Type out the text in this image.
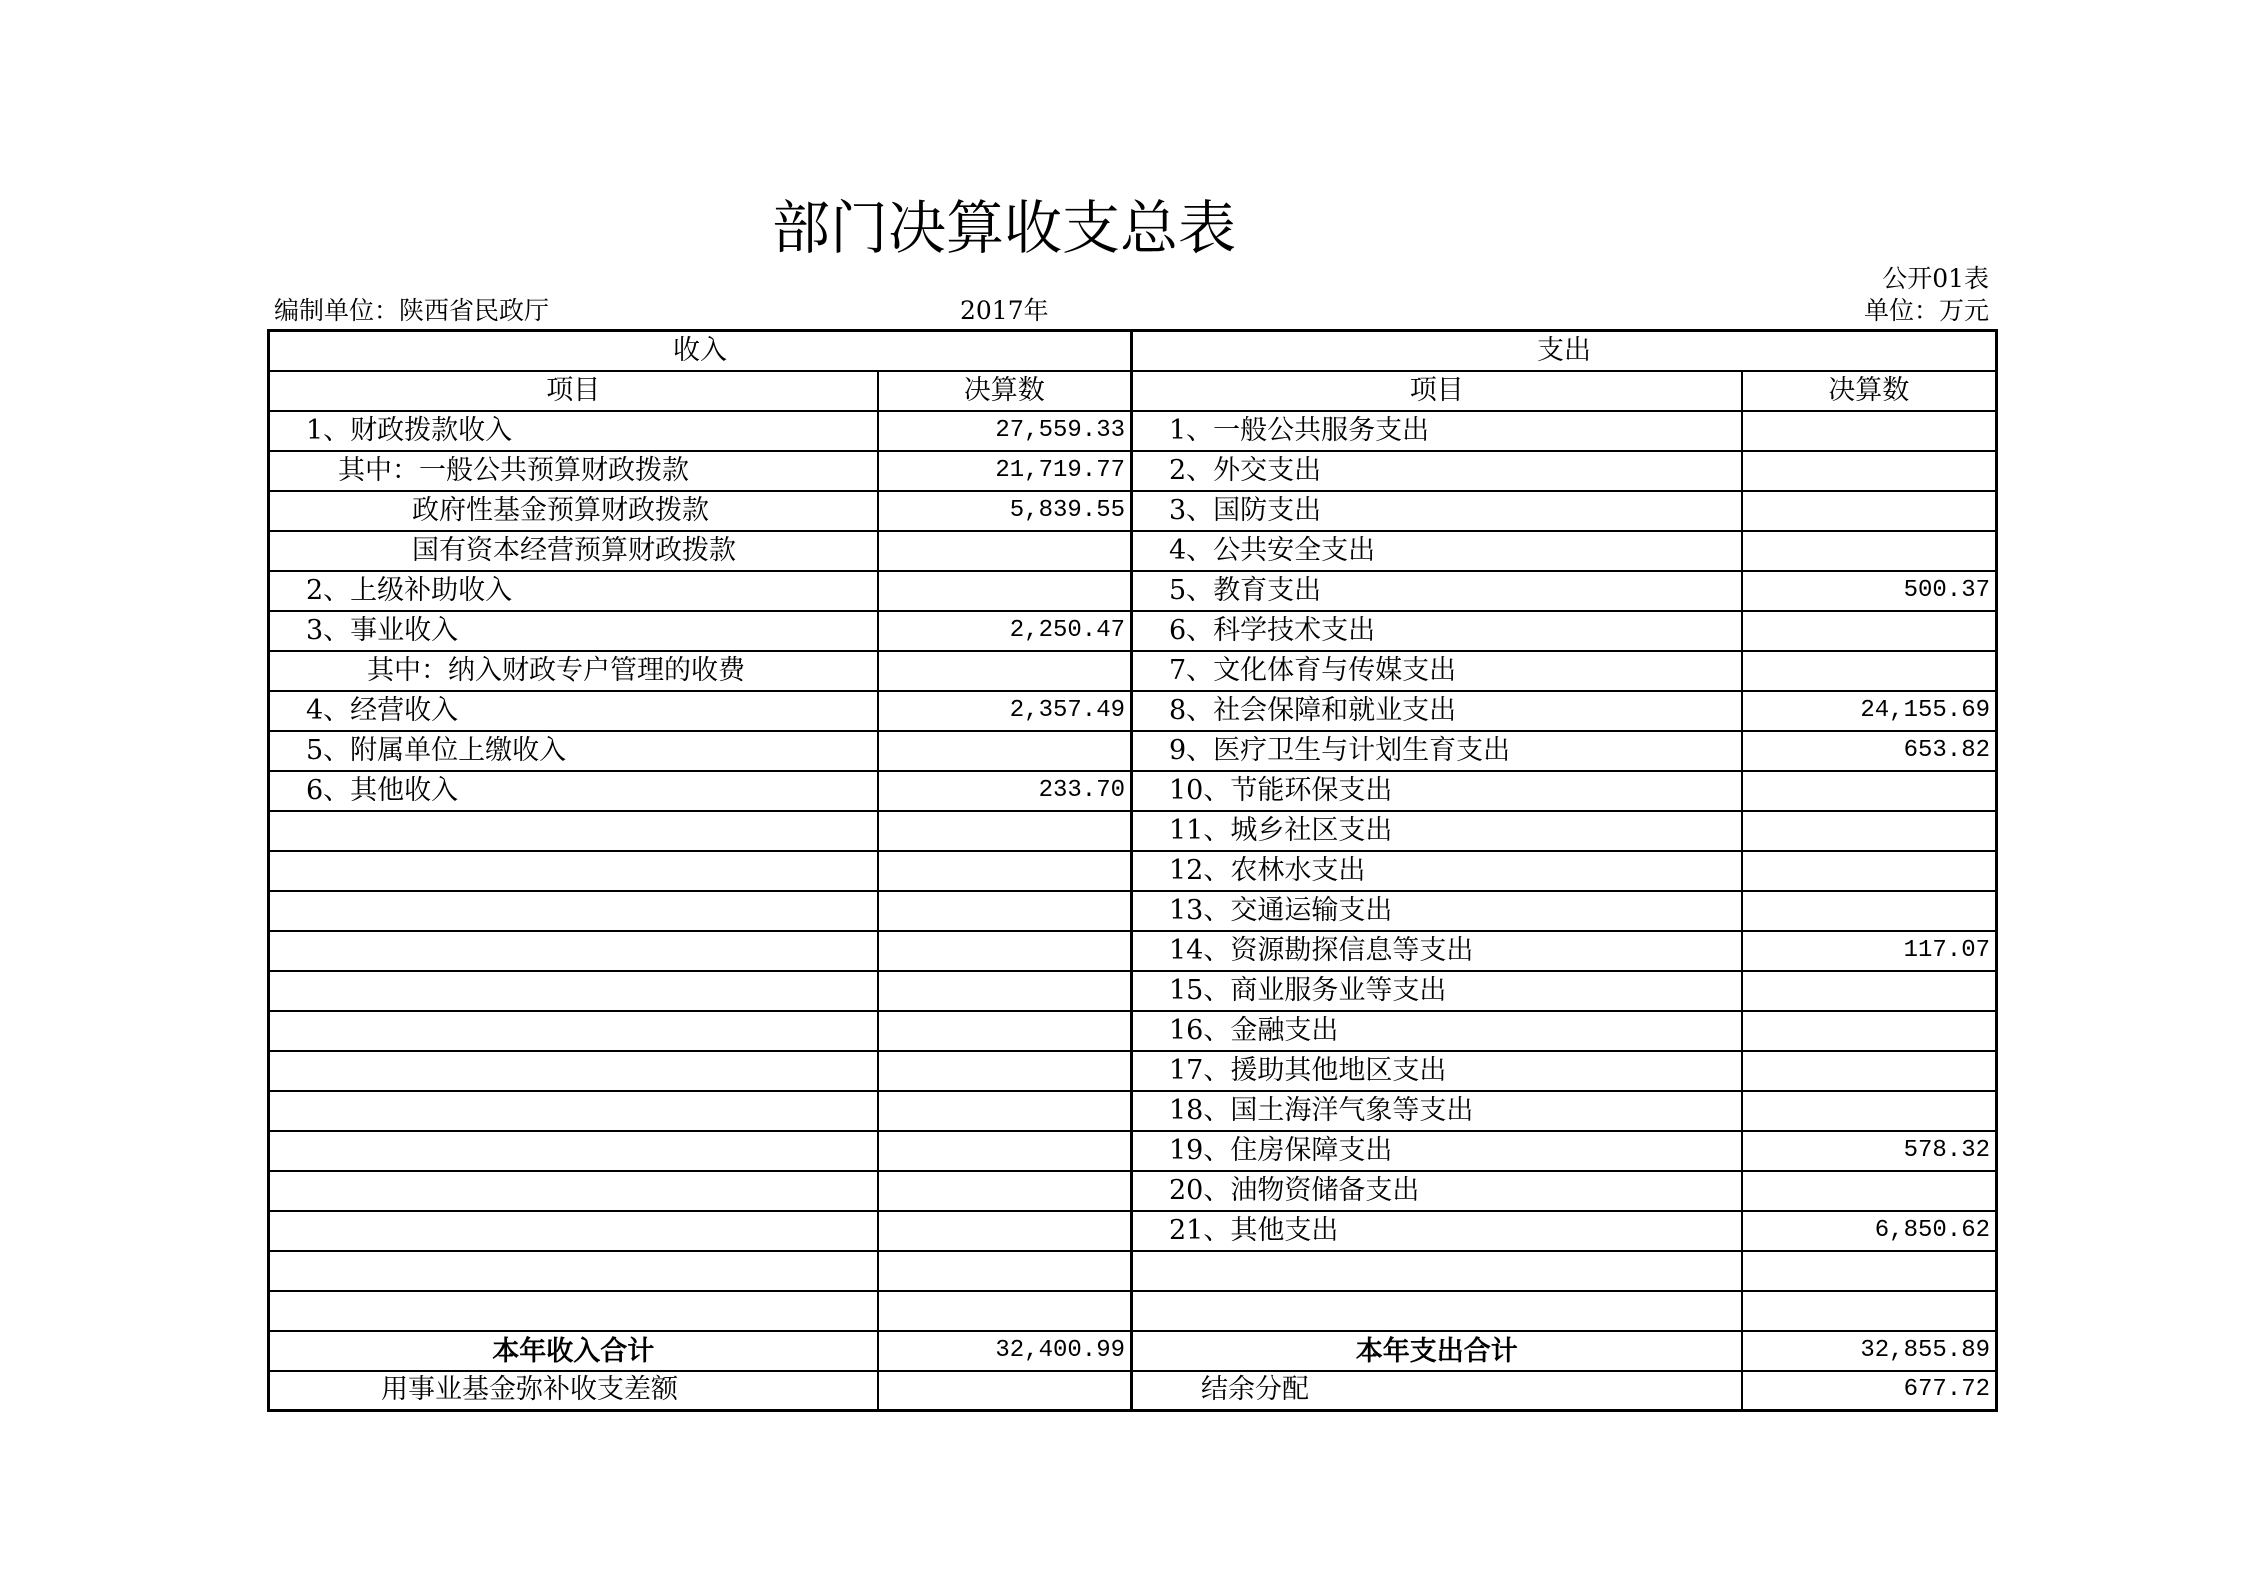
部门决算收支总表
公开01表
编制单位：陕西省民政厅	2017年	单位：万元
收入		支出	
项目	决算数	项目	决算数
1、财政拨款收入	27,559.33	1、一般公共服务支出	
其中：一般公共预算财政拨款	21,719.77	2、外交支出	
政府性基金预算财政拨款	5,839.55	3、国防支出	
国有资本经营预算财政拨款		4、公共安全支出	
2、上级补助收入		5、教育支出	500.37
3、事业收入	2,250.47	6、科学技术支出	
其中：纳入财政专户管理的收费		7、文化体育与传媒支出	
4、经营收入	2,357.49	8、社会保障和就业支出	24,155.69
5、附属单位上缴收入		9、医疗卫生与计划生育支出	653.82
6、其他收入	233.70	10、节能环保支出	
		11、城乡社区支出	
		12、农林水支出	
		13、交通运输支出	
		14、资源勘探信息等支出	117.07
		15、商业服务业等支出	
		16、金融支出	
		17、援助其他地区支出	
		18、国土海洋气象等支出	
		19、住房保障支出	578.32
		20、油物资储备支出	
		21、其他支出	6,850.62

本年收入合计	32,400.99	本年支出合计	32,855.89
用事业基金弥补收支差额		结余分配	677.72
